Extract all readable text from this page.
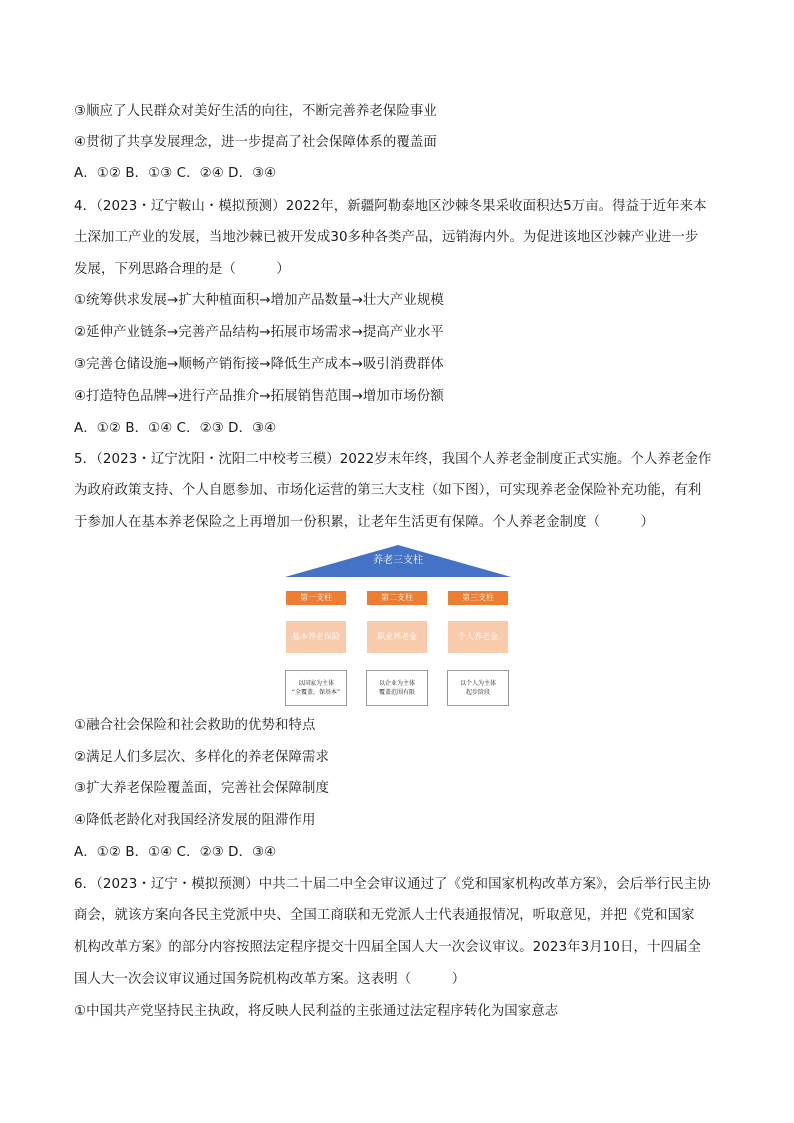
③顺应了人民群众对美好生活的向往，不断完善养老保险事业
④贯彻了共享发展理念，进一步提高了社会保障体系的覆盖面
A．①② B．①③ C．②④ D．③④
4．（2023・辽宁鞍山・模拟预测）2022年，新疆阿勒泰地区沙棘冬果采收面积达5万亩。得益于近年来本
土深加工产业的发展，当地沙棘已被开发成30多种各类产品，远销海内外。为促进该地区沙棘产业进一步
发展，下列思路合理的是（　　　）
①统筹供求发展→扩大种植面积→增加产品数量→壮大产业规模
②延伸产业链条→完善产品结构→拓展市场需求→提高产业水平
③完善仓储设施→顺畅产销衔接→降低生产成本→吸引消费群体
④打造特色品牌→进行产品推介→拓展销售范围→增加市场份额
A．①② B．①④ C．②③ D．③④
5．（2023・辽宁沈阳・沈阳二中校考三模）2022岁末年终，我国个人养老金制度正式实施。个人养老金作
为政府政策支持、个人自愿参加、市场化运营的第三大支柱（如下图），可实现养老金保险补充功能，有利
于参加人在基本养老保险之上再增加一份积累，让老年生活更有保障。个人养老金制度（　　　）
养老三支柱
第一支柱
基本养老保险
以国家为主体
“全覆盖，保基本”
第二支柱
职业养老金
以企业为主体
覆盖范围有限
第三支柱
个人养老金
以个人为主体
起步阶段
①融合社会保险和社会救助的优势和特点
②满足人们多层次、多样化的养老保障需求
③扩大养老保险覆盖面，完善社会保障制度
④降低老龄化对我国经济发展的阻滞作用
A．①② B．①④ C．②③ D．③④
6．（2023・辽宁・模拟预测）中共二十届二中全会审议通过了《党和国家机构改革方案》，会后举行民主协
商会，就该方案向各民主党派中央、全国工商联和无党派人士代表通报情况，听取意见，并把《党和国家
机构改革方案》的部分内容按照法定程序提交十四届全国人大一次会议审议。2023年3月10日，十四届全
国人大一次会议审议通过国务院机构改革方案。这表明（　　　）
①中国共产党坚持民主执政，将反映人民利益的主张通过法定程序转化为国家意志
